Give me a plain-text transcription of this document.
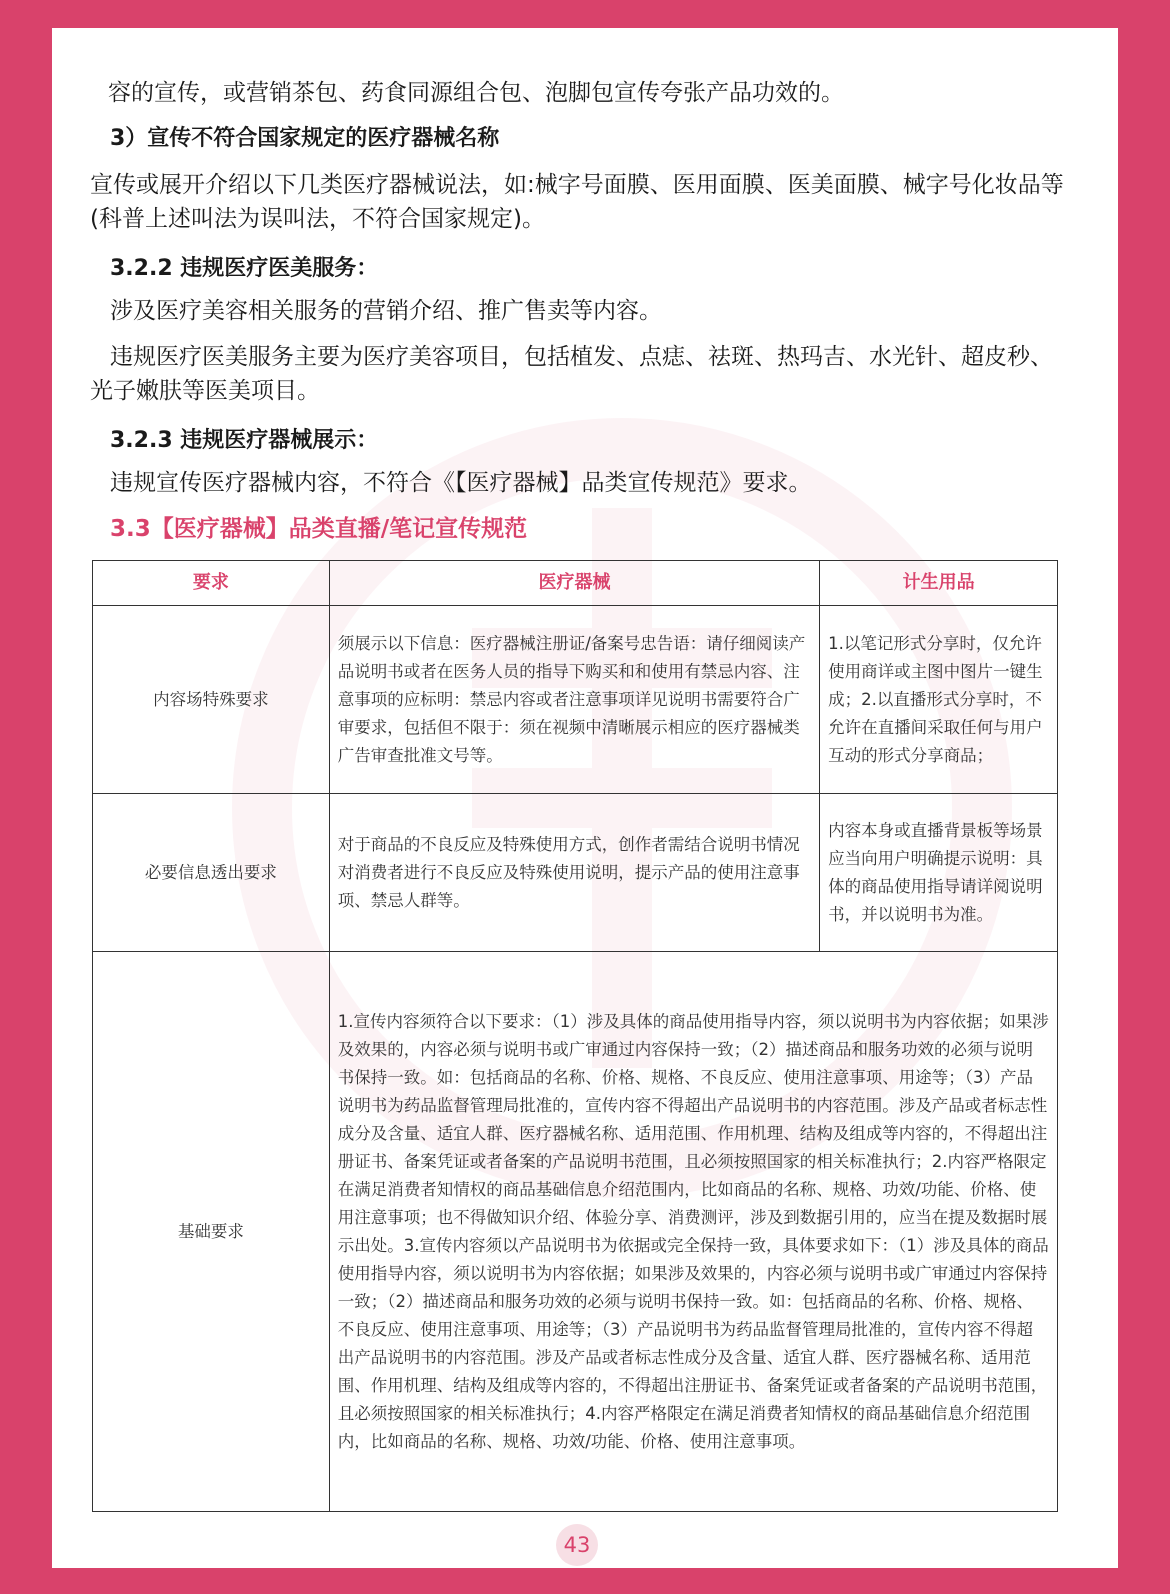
容的宣传，或营销茶包、药食同源组合包、泡脚包宣传夸张产品功效的。

3）宣传不符合国家规定的医疗器械名称

宣传或展开介绍以下几类医疗器械说法，如:械字号面膜、医用面膜、医美面膜、械字号化妆品等(科普上述叫法为误叫法，不符合国家规定)。

3.2.2 违规医疗医美服务：

涉及医疗美容相关服务的营销介绍、推广售卖等内容。

违规医疗医美服务主要为医疗美容项目，包括植发、点痣、祛斑、热玛吉、水光针、超皮秒、光子嫩肤等医美项目。

3.2.3 违规医疗器械展示：

违规宣传医疗器械内容，不符合《【医疗器械】品类宣传规范》要求。

3.3【医疗器械】品类直播/笔记宣传规范

要求	医疗器械	计生用品
内容场特殊要求	须展示以下信息：医疗器械注册证/备案号忠告语：请仔细阅读产品说明书或者在医务人员的指导下购买和和使用有禁忌内容、注意事项的应标明：禁忌内容或者注意事项详见说明书需要符合广审要求，包括但不限于：须在视频中清晰展示相应的医疗器械类广告审查批准文号等。	1.以笔记形式分享时，仅允许使用商详或主图中图片一键生成；2.以直播形式分享时，不允许在直播间采取任何与用户互动的形式分享商品；
必要信息透出要求	对于商品的不良反应及特殊使用方式，创作者需结合说明书情况对消费者进行不良反应及特殊使用说明，提示产品的使用注意事项、禁忌人群等。	内容本身或直播背景板等场景应当向用户明确提示说明：具体的商品使用指导请详阅说明书，并以说明书为准。
基础要求	1.宣传内容须符合以下要求：（1）涉及具体的商品使用指导内容，须以说明书为内容依据；如果涉及效果的，内容必须与说明书或广审通过内容保持一致；（2）描述商品和服务功效的必须与说明书保持一致。如：包括商品的名称、价格、规格、不良反应、使用注意事项、用途等；（3）产品说明书为药品监督管理局批准的，宣传内容不得超出产品说明书的内容范围。涉及产品或者标志性成分及含量、适宜人群、医疗器械名称、适用范围、作用机理、结构及组成等内容的，不得超出注册证书、备案凭证或者备案的产品说明书范围，且必须按照国家的相关标准执行；2.内容严格限定在满足消费者知情权的商品基础信息介绍范围内，比如商品的名称、规格、功效/功能、价格、使用注意事项；也不得做知识介绍、体验分享、消费测评，涉及到数据引用的，应当在提及数据时展示出处。3.宣传内容须以产品说明书为依据或完全保持一致，具体要求如下：（1）涉及具体的商品使用指导内容，须以说明书为内容依据；如果涉及效果的，内容必须与说明书或广审通过内容保持一致；（2）描述商品和服务功效的必须与说明书保持一致。如：包括商品的名称、价格、规格、不良反应、使用注意事项、用途等；（3）产品说明书为药品监督管理局批准的，宣传内容不得超出产品说明书的内容范围。涉及产品或者标志性成分及含量、适宜人群、医疗器械名称、适用范围、作用机理、结构及组成等内容的，不得超出注册证书、备案凭证或者备案的产品说明书范围，且必须按照国家的相关标准执行；4.内容严格限定在满足消费者知情权的商品基础信息介绍范围内，比如商品的名称、规格、功效/功能、价格、使用注意事项。	
43
